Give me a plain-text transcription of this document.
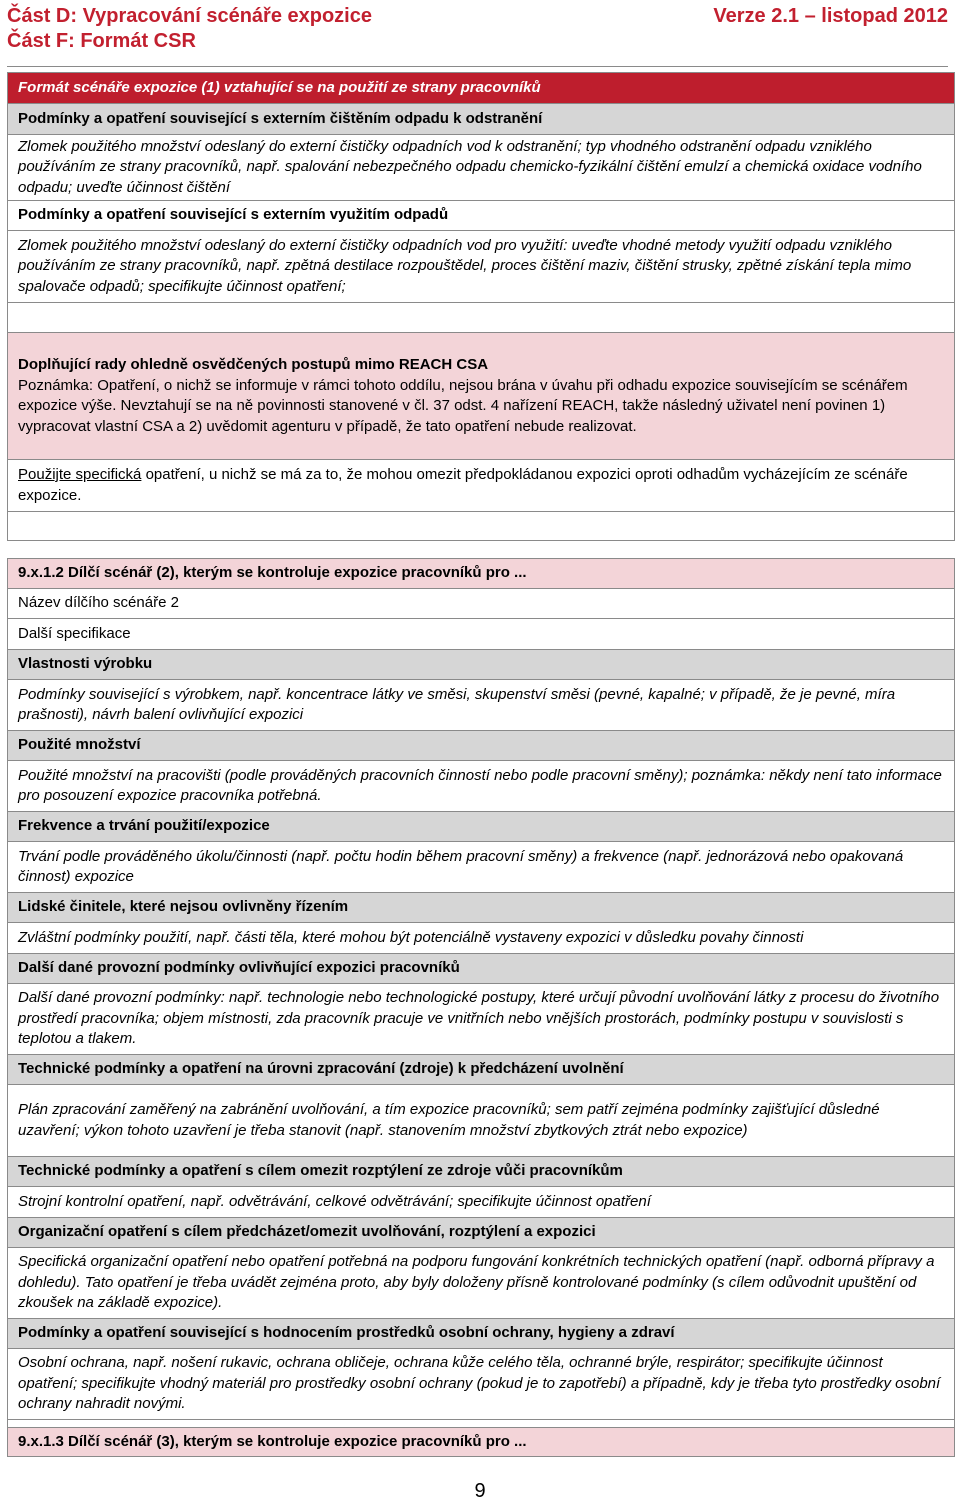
Část D: Vypracování scénáře expozice
Část F: Formát CSR
Verze 2.1 – listopad 2012
Formát scénáře expozice (1) vztahující se na použití ze strany pracovníků
Podmínky a opatření související s externím čištěním odpadu k odstranění
Zlomek použitého množství odeslaný do externí čističky odpadních vod k odstranění; typ vhodného odstranění odpadu vzniklého používáním ze strany pracovníků, např. spalování nebezpečného odpadu chemicko-fyzikální čištění emulzí a chemická oxidace vodního odpadu; uveďte účinnost čištění
Podmínky a opatření související s externím využitím odpadů
Zlomek použitého množství odeslaný do externí čističky odpadních vod pro využití: uveďte vhodné metody využití odpadu vzniklého používáním ze strany pracovníků, např. zpětná destilace rozpouštědel, proces čištění maziv, čištění strusky, zpětné získání tepla mimo spalovače odpadů; specifikujte účinnost opatření;

Doplňující rady ohledně osvědčených postupů mimo REACH CSA
Poznámka: Opatření, o nichž se informuje v rámci tohoto oddílu, nejsou brána v úvahu při odhadu expozice souvisejícím se scénářem expozice výše. Nevztahují se na ně povinnosti stanovené v čl. 37 odst. 4 nařízení REACH, takže následný uživatel není povinen 1) vypracovat vlastní CSA a 2) uvědomit agenturu v případě, že tato opatření nebude realizovat.

Použijte specifická opatření, u nichž se má za to, že mohou omezit předpokládanou expozici oproti odhadům vycházejícím ze scénáře expozice.

9.x.1.2 Dílčí scénář (2), kterým se kontroluje expozice pracovníků pro ...
Název dílčího scénáře 2
Další specifikace
Vlastnosti výrobku
Podmínky související s výrobkem, např. koncentrace látky ve směsi, skupenství směsi (pevné, kapalné; v případě, že je pevné, míra prašnosti), návrh balení ovlivňující expozici
Použité množství
Použité množství na pracovišti (podle prováděných pracovních činností nebo podle pracovní směny); poznámka: někdy není tato informace pro posouzení expozice pracovníka potřebná.
Frekvence a trvání použití/expozice
Trvání podle prováděného úkolu/činnosti (např. počtu hodin během pracovní směny) a frekvence (např. jednorázová nebo opakovaná činnost) expozice
Lidské činitele, které nejsou ovlivněny řízením
Zvláštní podmínky použití, např. části těla, které mohou být potenciálně vystaveny expozici v důsledku povahy činnosti
Další dané provozní podmínky ovlivňující expozici pracovníků
Další dané provozní podmínky: např. technologie nebo technologické postupy, které určují původní uvolňování látky z procesu do životního prostředí pracovníka; objem místnosti, zda pracovník pracuje ve vnitřních nebo vnějších prostorách, podmínky postupu v souvislosti s teplotou a tlakem.
Technické podmínky a opatření na úrovni zpracování (zdroje) k předcházení uvolnění
Plán zpracování zaměřený na zabránění uvolňování, a tím expozice pracovníků; sem patří zejména podmínky zajišťující důsledné uzavření; výkon tohoto uzavření je třeba stanovit (např. stanovením množství zbytkových ztrát nebo expozice)
Technické podmínky a opatření s cílem omezit rozptýlení ze zdroje vůči pracovníkům
Strojní kontrolní opatření, např. odvětrávání, celkové odvětrávání; specifikujte účinnost opatření
Organizační opatření s cílem předcházet/omezit uvolňování, rozptýlení a expozici
Specifická organizační opatření nebo opatření potřebná na podporu fungování konkrétních technických opatření (např. odborná přípravy a dohledu). Tato opatření je třeba uvádět zejména proto, aby byly doloženy přísně kontrolované podmínky (s cílem odůvodnit upuštění od zkoušek na základě expozice).
Podmínky a opatření související s hodnocením prostředků osobní ochrany, hygieny a zdraví
Osobní ochrana, např. nošení rukavic, ochrana obličeje, ochrana kůže celého těla, ochranné brýle, respirátor; specifikujte účinnost opatření; specifikujte vhodný materiál pro prostředky osobní ochrany (pokud je to zapotřebí) a případně, kdy je třeba tyto prostředky osobní ochrany nahradit novými.

9.x.1.3 Dílčí scénář (3), kterým se kontroluje expozice pracovníků pro ...
9
